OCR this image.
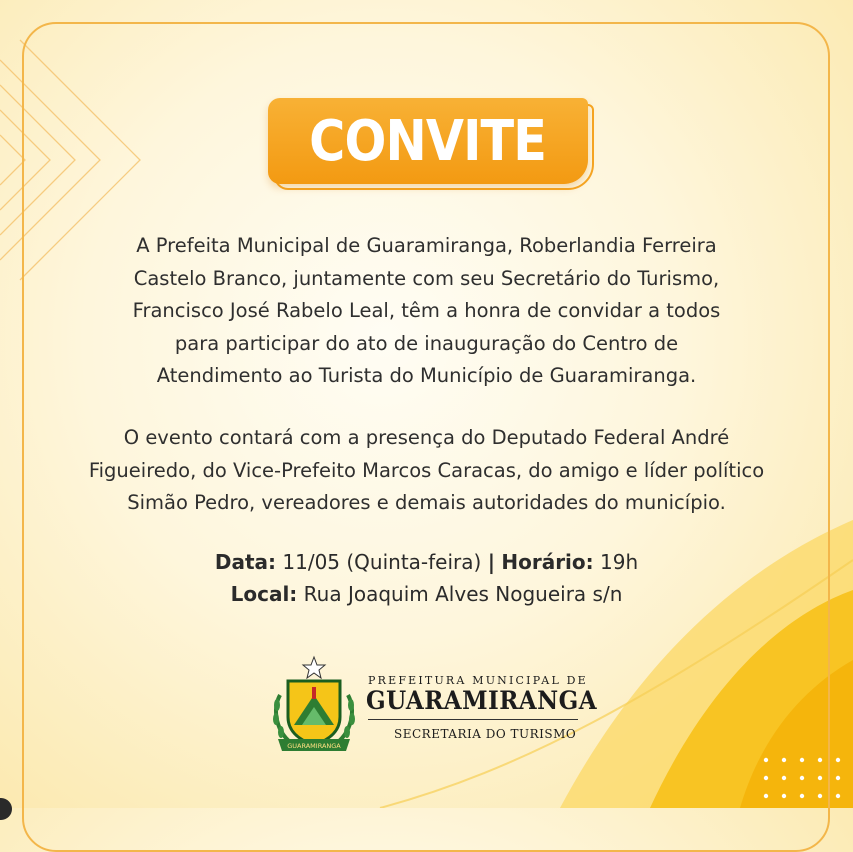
CONVITE

A Prefeita Municipal de Guaramiranga, Roberlandia Ferreira
Castelo Branco, juntamente com seu Secretário do Turismo,
Francisco José Rabelo Leal, têm a honra de convidar a todos
para participar do ato de inauguração do Centro de
Atendimento ao Turista do Município de Guaramiranga.

O evento contará com a presença do Deputado Federal André
Figueiredo, do Vice-Prefeito Marcos Caracas, do amigo e líder político
Simão Pedro, vereadores e demais autoridades do município.

Data: 11/05 (Quinta-feira) | Horário: 19h
Local: Rua Joaquim Alves Nogueira s/n
GUARAMIRANGA
PREFEITURA MUNICIPAL DE
GUARAMIRANGA
SECRETARIA DO TURISMO
